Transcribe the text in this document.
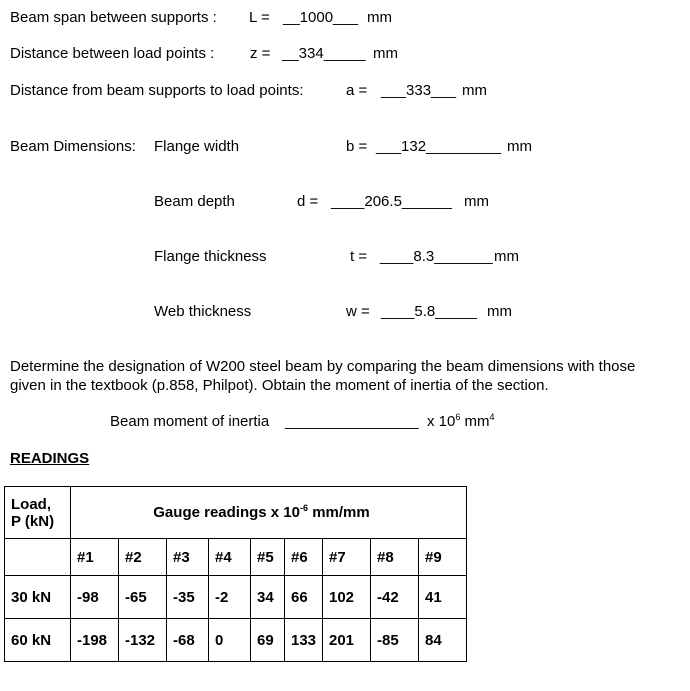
Beam span between supports : L = __1000___ mm
Distance between load points : z = __334_____ mm
Distance from beam supports to load points:	a = ___333___ mm
Beam Dimensions: Flange width	b = ___132_________ mm
Beam depth	d = ____206.5______ mm
Flange thickness	t = ____8.3_______ mm
Web thickness	w = ____5.8_____ mm
Determine the designation of W200 steel beam by comparing the beam dimensions with those
given in the textbook (p.858, Philpot). Obtain the moment of inertia of the section.
Beam moment of inertia ________________ x $10^6$ $mm^4$
READINGS
Load,
P (kN)	Gauge readings x $10^{-6}$ mm/mm								
	#1	#2	#3	#4	#5	#6	#7	#8	#9
30 kN	-98	-65	-35	-2	34	66	102	-42	41
60 kN	-198	-132	-68	0	69	133	201	-85	84
